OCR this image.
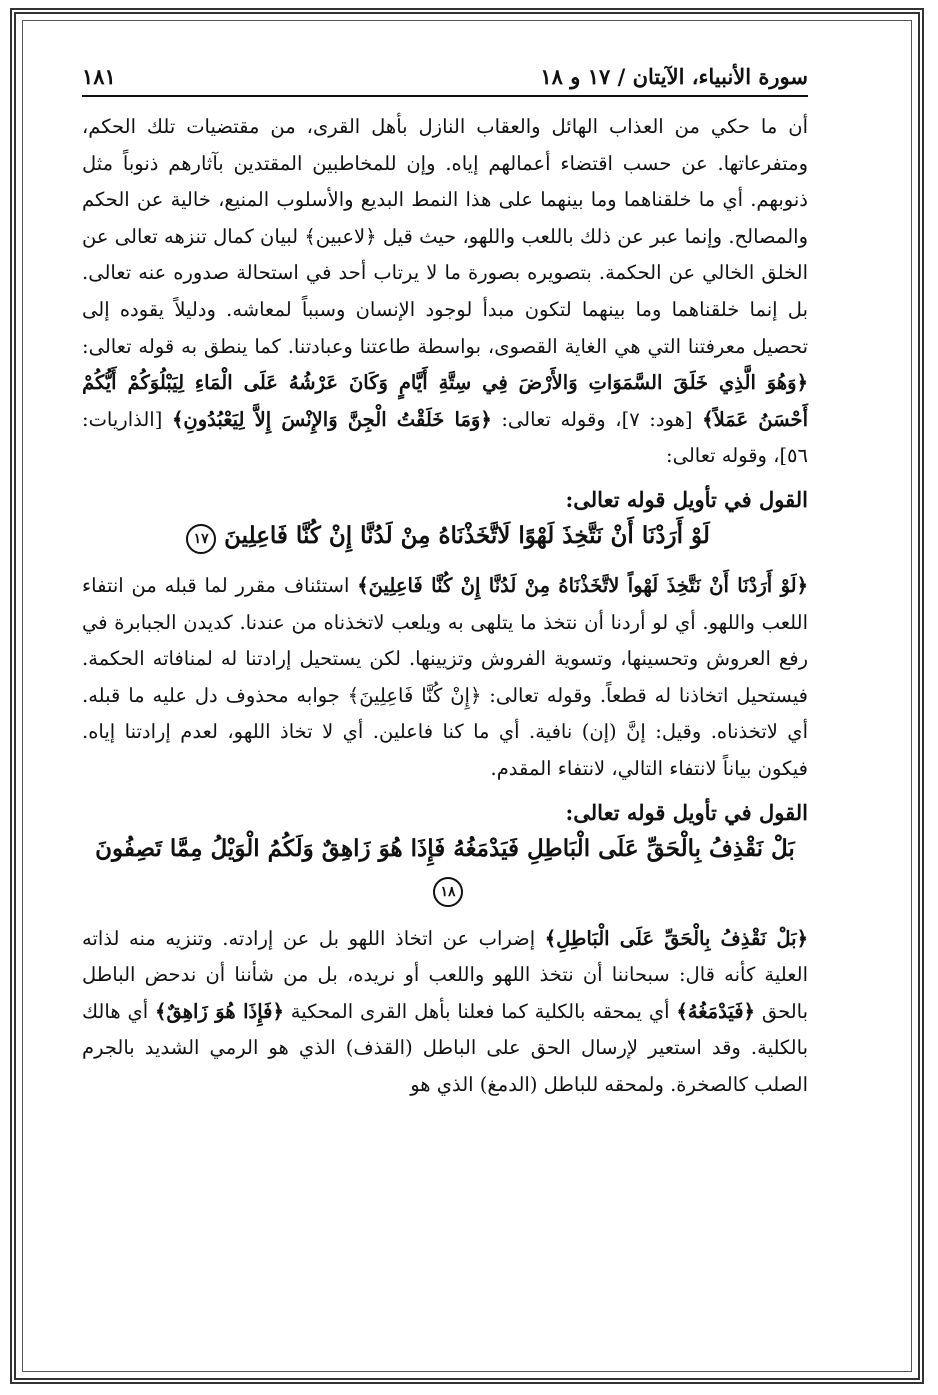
سورة الأنبياء، الآيتان / ١٧ و ١٨
١٨١

أن ما حكي من العذاب الهائل والعقاب النازل بأهل القرى، من مقتضيات تلك الحكم، ومتفرعاتها. عن حسب اقتضاء أعمالهم إياه. وإن للمخاطبين المقتدين بآثارهم ذنوباً مثل ذنوبهم. أي ما خلقناهما وما بينهما على هذا النمط البديع والأسلوب المنيع، خالية عن الحكم والمصالح. وإنما عبر عن ذلك باللعب واللهو، حيث قيل ﴿لاعبين﴾ لبيان كمال تنزهه تعالى عن الخلق الخالي عن الحكمة. بتصويره بصورة ما لا يرتاب أحد في استحالة صدوره عنه تعالى. بل إنما خلقناهما وما بينهما لتكون مبدأ لوجود الإنسان وسبباً لمعاشه. ودليلاً يقوده إلى تحصيل معرفتنا التي هي الغاية القصوى، بواسطة طاعتنا وعبادتنا. كما ينطق به قوله تعالى: ﴿وَهُوَ الَّذِي خَلَقَ السَّمَوَاتِ وَالأَرْضَ فِي سِتَّةِ أَيَّامٍ وَكَانَ عَرْشُهُ عَلَى الْمَاءِ لِيَبْلُوَكُمْ أَيُّكُمْ أَحْسَنُ عَمَلاً﴾ [هود: ٧]، وقوله تعالى: ﴿وَمَا خَلَقْتُ الْجِنَّ وَالإِنْسَ إِلاَّ لِيَعْبُدُونِ﴾ [الذاريات: ٥٦]، وقوله تعالى:

القول في تأويل قوله تعالى:
لَوْ أَرَدْنَا أَنْ نَتَّخِذَ لَهْوًا لَاتَّخَذْنَاهُ مِنْ لَدُنَّا إِنْ كُنَّا فَاعِلِينَ ١٧

﴿لَوْ أَرَدْنَا أَنْ نَتَّخِذَ لَهْواً لاتَّخَذْنَاهُ مِنْ لَدُنَّا إِنْ كُنَّا فَاعِلِينَ﴾ استئناف مقرر لما قبله من انتفاء اللعب واللهو. أي لو أردنا أن نتخذ ما يتلهى به ويلعب لاتخذناه من عندنا. كديدن الجبابرة في رفع العروش وتحسينها، وتسوية الفروش وتزيينها. لكن يستحيل إرادتنا له لمنافاته الحكمة. فيستحيل اتخاذنا له قطعاً. وقوله تعالى: ﴿إِنْ كُنَّا فَاعِلِينَ﴾ جوابه محذوف دل عليه ما قبله. أي لاتخذناه. وقيل: إنَّ (إن) نافية. أي ما كنا فاعلين. أي لا تخاذ اللهو، لعدم إرادتنا إياه. فيكون بياناً لانتفاء التالي، لانتفاء المقدم.

القول في تأويل قوله تعالى:
بَلْ نَقْذِفُ بِالْحَقِّ عَلَى الْبَاطِلِ فَيَدْمَغُهُ فَإِذَا هُوَ زَاهِقٌ وَلَكُمُ الْوَيْلُ مِمَّا تَصِفُونَ ١٨

﴿بَلْ نَقْذِفُ بِالْحَقِّ عَلَى الْبَاطِلِ﴾ إضراب عن اتخاذ اللهو بل عن إرادته. وتنزيه منه لذاته العلية كأنه قال: سبحاننا أن نتخذ اللهو واللعب أو نريده، بل من شأننا أن ندحض الباطل بالحق ﴿فَيَدْمَغُهُ﴾ أي يمحقه بالكلية كما فعلنا بأهل القرى المحكية ﴿فَإِذَا هُوَ زَاهِقٌ﴾ أي هالك بالكلية. وقد استعير لإرسال الحق على الباطل (القذف) الذي هو الرمي الشديد بالجرم الصلب كالصخرة. ولمحقه للباطل (الدمغ) الذي هو
